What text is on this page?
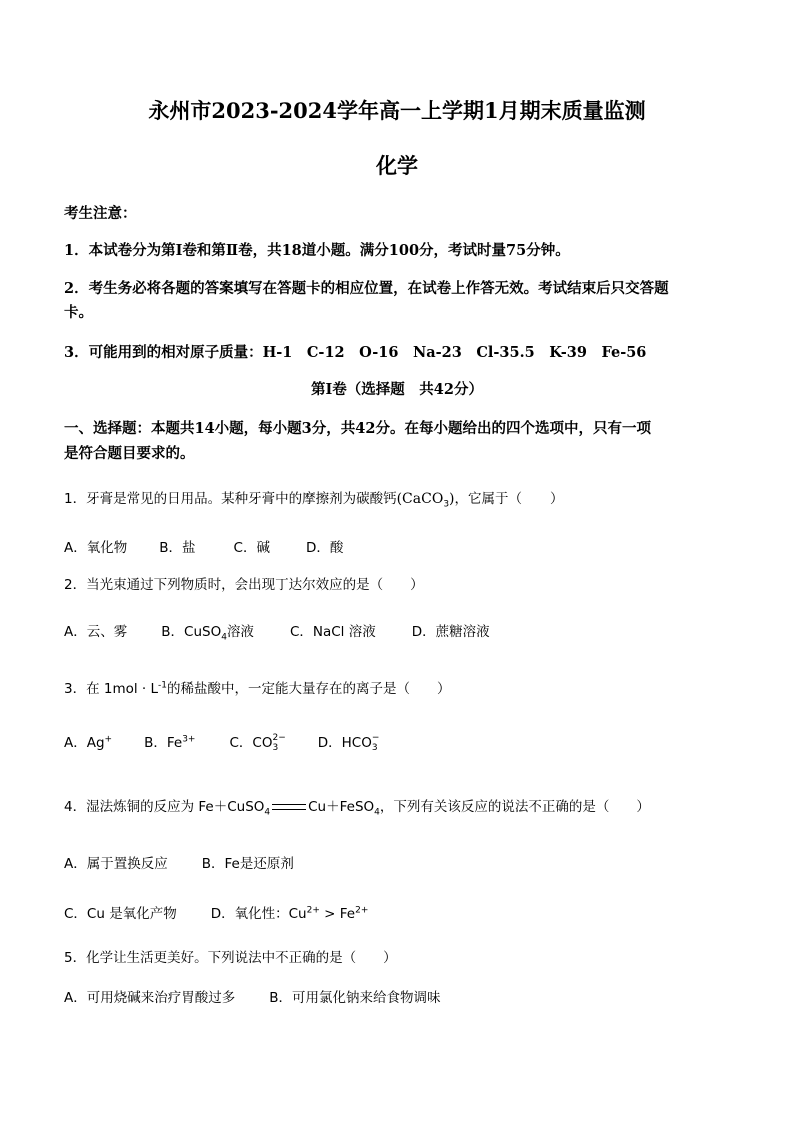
永州市2023-2024学年高一上学期1月期末质量监测
化学
考生注意：
1．本试卷分为第Ⅰ卷和第Ⅱ卷，共18道小题。满分100分，考试时量75分钟。
2．考生务必将各题的答案填写在答题卡的相应位置，在试卷上作答无效。考试结束后只交答题
卡。
3．可能用到的相对原子质量：H-1　C-12　O-16　Na-23　Cl-35.5　K-39　Fe-56
第Ⅰ卷（选择题　共42分）
一、选择题：本题共14小题，每小题3分，共42分。在每小题给出的四个选项中，只有一项
是符合题目要求的。
1．牙膏是常见的日用品。某种牙膏中的摩擦剂为碳酸钙(CaCO$_3$)，它属于（ ）
A．氧化物 B．盐	C．碱	D．酸
2．当光束通过下列物质时，会出现丁达尔效应的是（　　）
A．云、雾	B．CuSO$_4$溶液	C．NaCl 溶液	D．蔗糖溶液
3．在 $1mol \cdot L^{-1}$的稀盐酸中，一定能大量存在的离子是（　　）
A．Ag+ B．$Fe^{3+}$	C．CO 2−
3	D．HCO −
3
4．湿法炼铜的反应为 Fe＋CuSO$_4$	Cu＋FeSO$_4$，下列有关该反应的说法不正确的是（　　）
A．属于置换反应	B．Fe是还原剂
C．Cu 是氧化产物	D．氧化性：$Cu^{2+} > Fe^{2+}$
5．化学让生活更美好。下列说法中不正确的是（　　）
A．可用烧碱来治疗胃酸过多	B．可用氯化钠来给食物调味
